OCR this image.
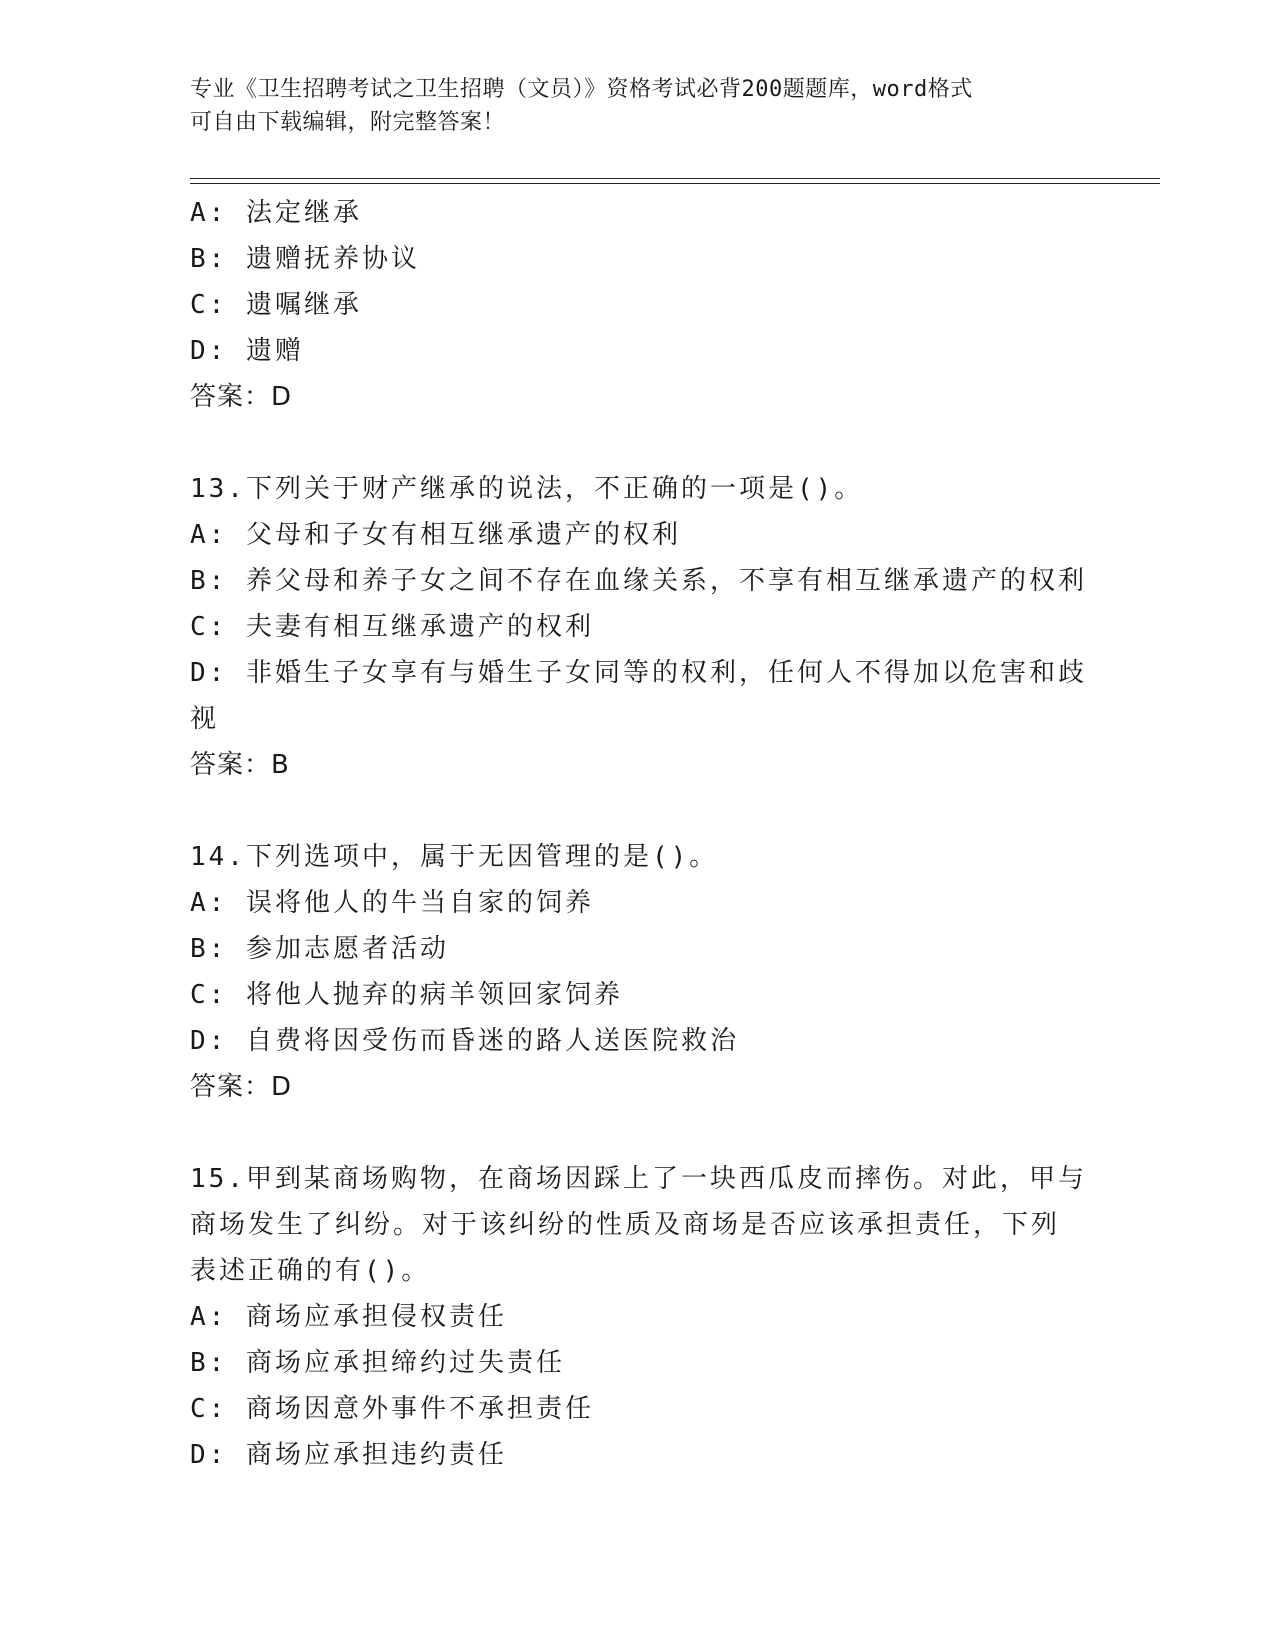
专业《卫生招聘考试之卫生招聘（文员）》资格考试必背200题题库，word格式
可自由下载编辑，附完整答案！
A: 法定继承
B: 遗赠抚养协议
C: 遗嘱继承
D: 遗赠
答案：D
13.下列关于财产继承的说法，不正确的一项是()。
A: 父母和子女有相互继承遗产的权利
B: 养父母和养子女之间不存在血缘关系，不享有相互继承遗产的权利
C: 夫妻有相互继承遗产的权利
D: 非婚生子女享有与婚生子女同等的权利，任何人不得加以危害和歧
视
答案：B
14.下列选项中，属于无因管理的是()。
A: 误将他人的牛当自家的饲养
B: 参加志愿者活动
C: 将他人抛弃的病羊领回家饲养
D: 自费将因受伤而昏迷的路人送医院救治
答案：D
15.甲到某商场购物，在商场因踩上了一块西瓜皮而摔伤。对此，甲与
商场发生了纠纷。对于该纠纷的性质及商场是否应该承担责任，下列
表述正确的有()。
A: 商场应承担侵权责任
B: 商场应承担缔约过失责任
C: 商场因意外事件不承担责任
D: 商场应承担违约责任
